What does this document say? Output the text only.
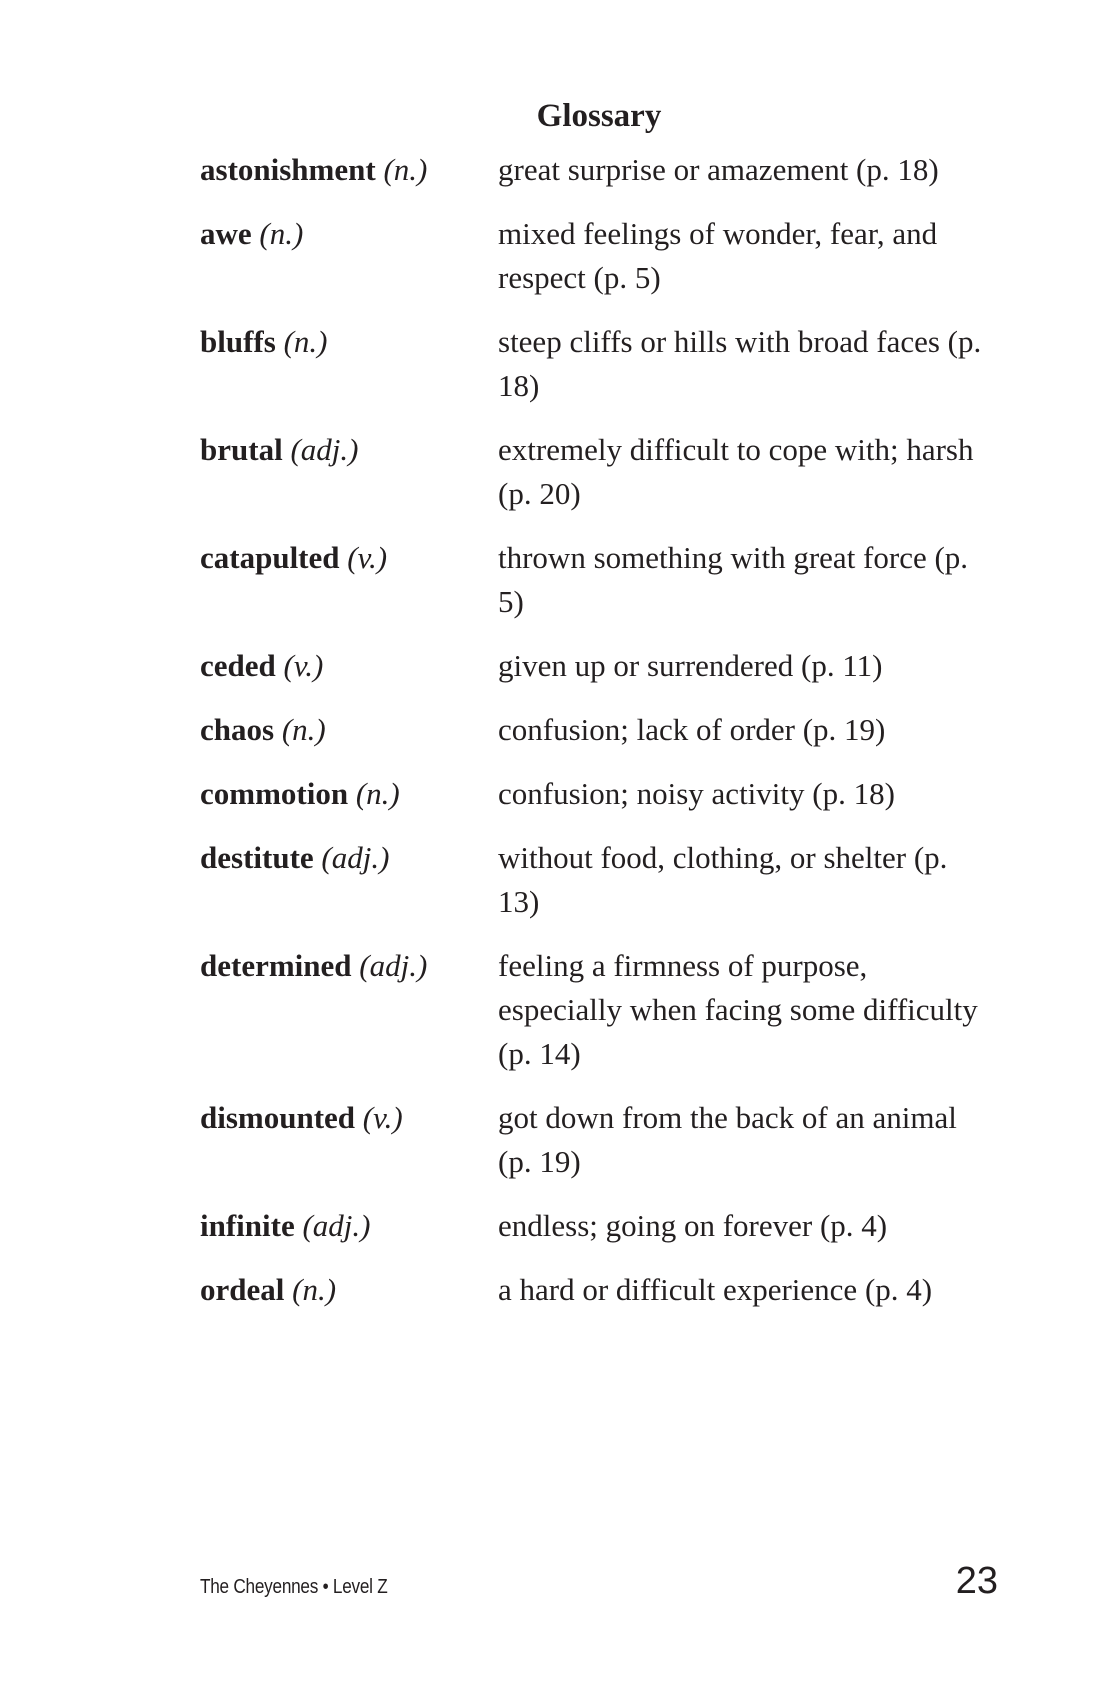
Glossary
astonishment (n.)	great surprise or amazement (p. 18)
awe (n.)	mixed feelings of wonder, fear, and respect (p. 5)
bluffs (n.)	steep cliffs or hills with broad faces (p. 18)
brutal (adj.)	extremely difficult to cope with; harsh (p. 20)
catapulted (v.)	thrown something with great force (p. 5)
ceded (v.)	given up or surrendered (p. 11)
chaos (n.)	confusion; lack of order (p. 19)
commotion (n.)	confusion; noisy activity (p. 18)
destitute (adj.)	without food, clothing, or shelter (p. 13)
determined (adj.)	feeling a firmness of purpose, especially when facing some difficulty (p. 14)
dismounted (v.)	got down from the back of an animal (p. 19)
infinite (adj.)	endless; going on forever (p. 4)
ordeal (n.)	a hard or difficult experience (p. 4)
The Cheyennes • Level Z	23
